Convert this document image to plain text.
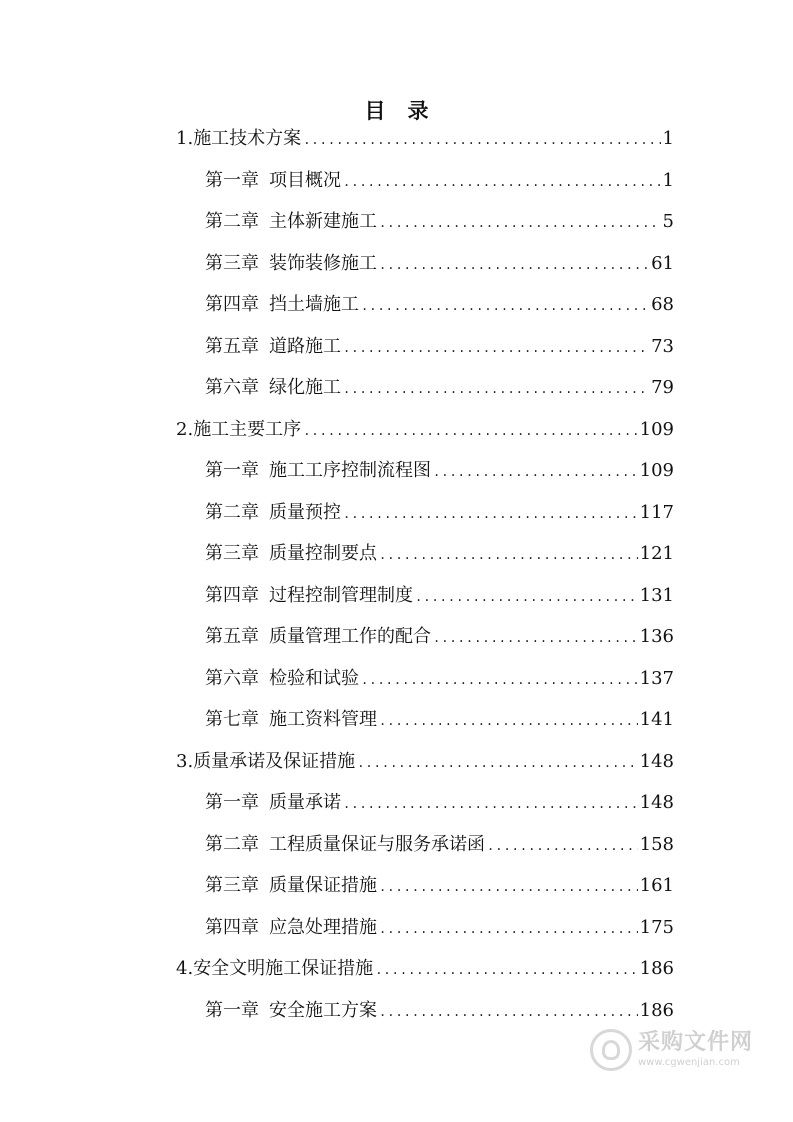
目 录
1. 施工技术方案 .....	1
第一章 项目概况 .....	1
第二章 主体新建施工 .....	5
第三章 装饰装修施工 .....	61
第四章 挡土墙施工 .....	68
第五章 道路施工 .....	73
第六章 绿化施工 .....	79
2. 施工主要工序 .....	109
第一章 施工工序控制流程图 .....	109
第二章 质量预控 .....	117
第三章 质量控制要点 .....	121
第四章 过程控制管理制度 .....	131
第五章 质量管理工作的配合 .....	136
第六章 检验和试验 .....	137
第七章 施工资料管理 .....	141
3. 质量承诺及保证措施 .....	148
第一章 质量承诺 .....	148
第二章 工程质量保证与服务承诺函 .....	158
第三章 质量保证措施 .....	161
第四章 应急处理措施 .....	175
4. 安全文明施工保证措施 .....	186
第一章 安全施工方案 .....	186
采购文件网
www.cgwenjian.com
